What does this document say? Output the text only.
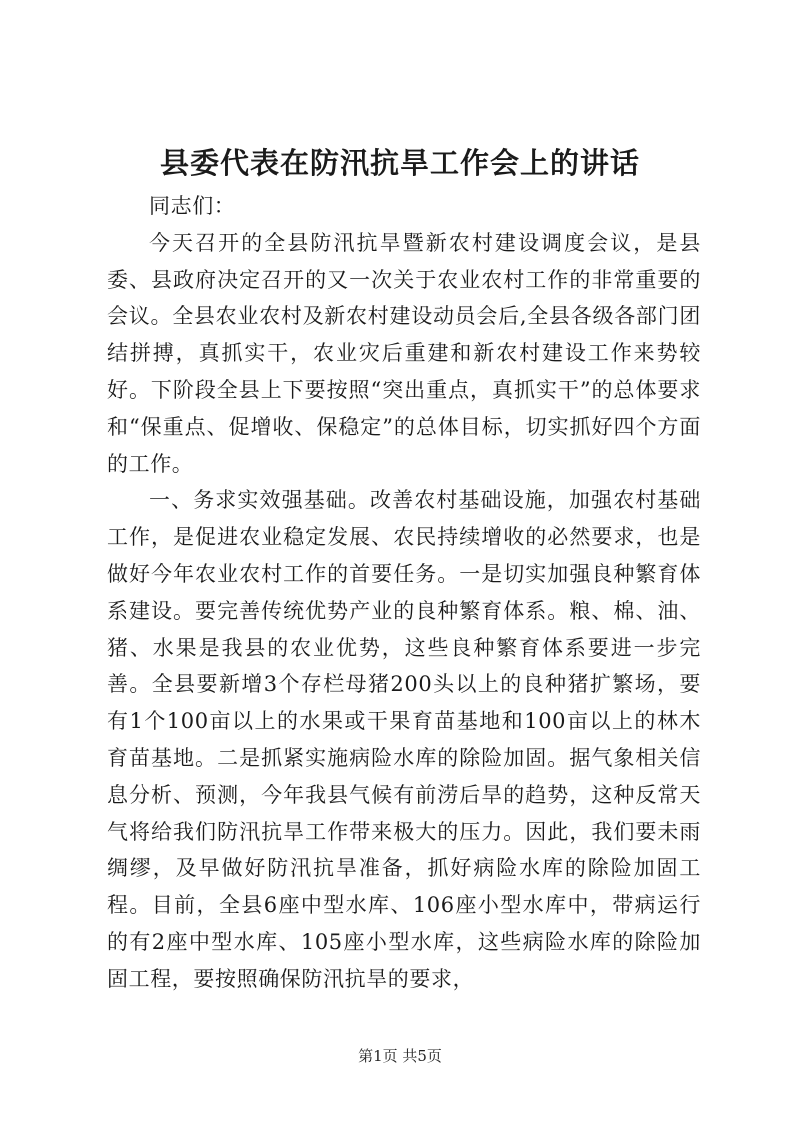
县委代表在防汛抗旱工作会上的讲话

同志们：

今天召开的全县防汛抗旱暨新农村建设调度会议，是县委、县政府决定召开的又一次关于农业农村工作的非常重要的会议。全县农业农村及新农村建设动员会后,全县各级各部门团结拼搏，真抓实干，农业灾后重建和新农村建设工作来势较好。下阶段全县上下要按照“突出重点，真抓实干”的总体要求和“保重点、促增收、保稳定”的总体目标，切实抓好四个方面的工作。

一、务求实效强基础。改善农村基础设施，加强农村基础工作，是促进农业稳定发展、农民持续增收的必然要求，也是做好今年农业农村工作的首要任务。一是切实加强良种繁育体系建设。要完善传统优势产业的良种繁育体系。粮、棉、油、猪、水果是我县的农业优势，这些良种繁育体系要进一步完善。全县要新增3个存栏母猪200头以上的良种猪扩繁场，要有1个100亩以上的水果或干果育苗基地和100亩以上的林木育苗基地。二是抓紧实施病险水库的除险加固。据气象相关信息分析、预测，今年我县气候有前涝后旱的趋势，这种反常天气将给我们防汛抗旱工作带来极大的压力。因此，我们要未雨绸缪，及早做好防汛抗旱准备，抓好病险水库的除险加固工程。目前，全县6座中型水库、106座小型水库中，带病运行的有2座中型水库、105座小型水库，这些病险水库的除险加固工程，要按照确保防汛抗旱的要求，

第1页 共5页
